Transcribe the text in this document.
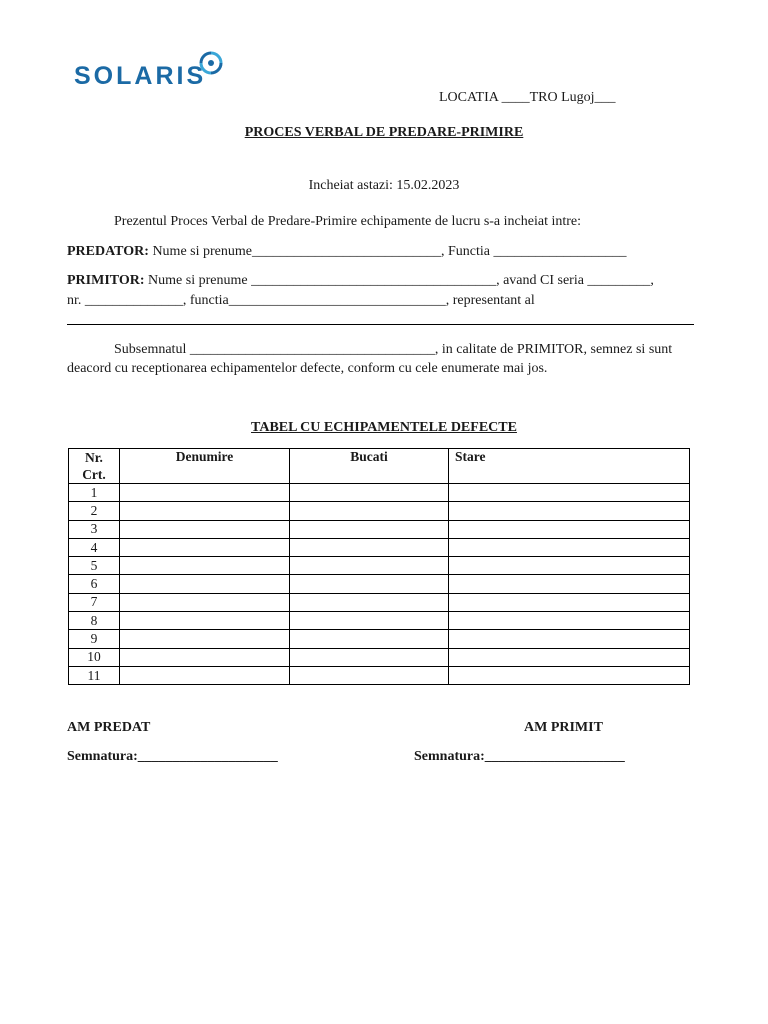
SOLARIS
LOCATIA ____TRO Lugoj___
PROCES VERBAL DE PREDARE-PRIMIRE
Incheiat astazi: 15.02.2023
Prezentul Proces Verbal de Predare-Primire echipamente de lucru s-a incheiat intre:
PREDATOR: Nume si prenume___________________________, Functia ___________________
PRIMITOR: Nume si prenume ___________________________________, avand CI seria _________,
nr. ______________, functia_______________________________, representant al
Subsemnatul ___________________________________, in calitate de PRIMITOR, semnez si sunt
deacord cu receptionarea echipamentelor defecte, conform cu cele enumerate mai jos.
TABEL CU ECHIPAMENTELE DEFECTE
Nr.
Crt.	Denumire	Bucati	Stare
1			
2			
3			
4			
5			
6			
7			
8			
9			
10			
11			
AM PREDAT	AM PRIMIT
Semnatura:____________________	Semnatura:____________________
